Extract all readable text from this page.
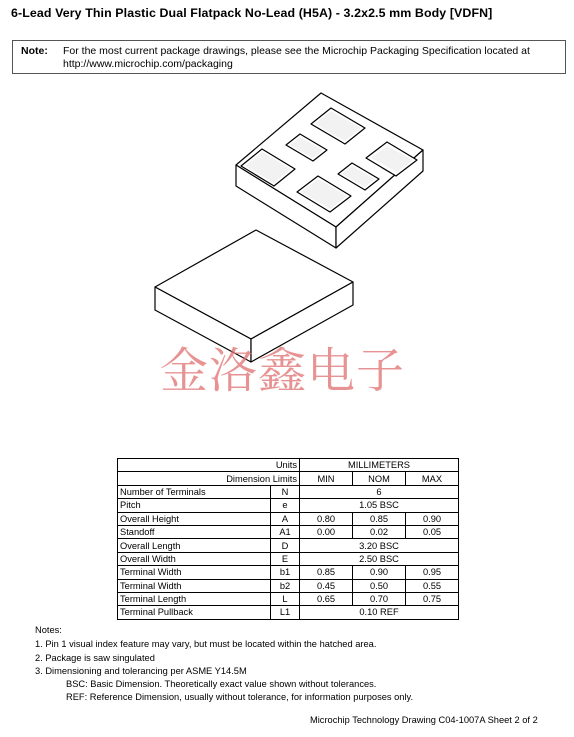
6-Lead Very Thin Plastic Dual Flatpack No-Lead (H5A) - 3.2x2.5 mm Body [VDFN]
Note: For the most current package drawings, please see the Microchip Packaging Specification located at
http://www.microchip.com/packaging
金洛鑫电子
Units		MILLIMETERS		
Dimension Limits		MIN	NOM	MAX
Number of Terminals	N	6		
Pitch	e	1.05 BSC		
Overall Height	A	0.80	0.85	0.90
Standoff	A1	0.00	0.02	0.05
Overall Length	D	3.20 BSC		
Overall Width	E	2.50 BSC		
Terminal Width	b1	0.85	0.90	0.95
Terminal Width	b2	0.45	0.50	0.55
Terminal Length	L	0.65	0.70	0.75
Terminal Pullback	L1	0.10 REF		
Notes:
1. Pin 1 visual index feature may vary, but must be located within the hatched area.
2. Package is saw singulated
3. Dimensioning and tolerancing per ASME Y14.5M
BSC: Basic Dimension. Theoretically exact value shown without tolerances.
REF: Reference Dimension, usually without tolerance, for information purposes only.
Microchip Technology Drawing C04-1007A Sheet 2 of 2
